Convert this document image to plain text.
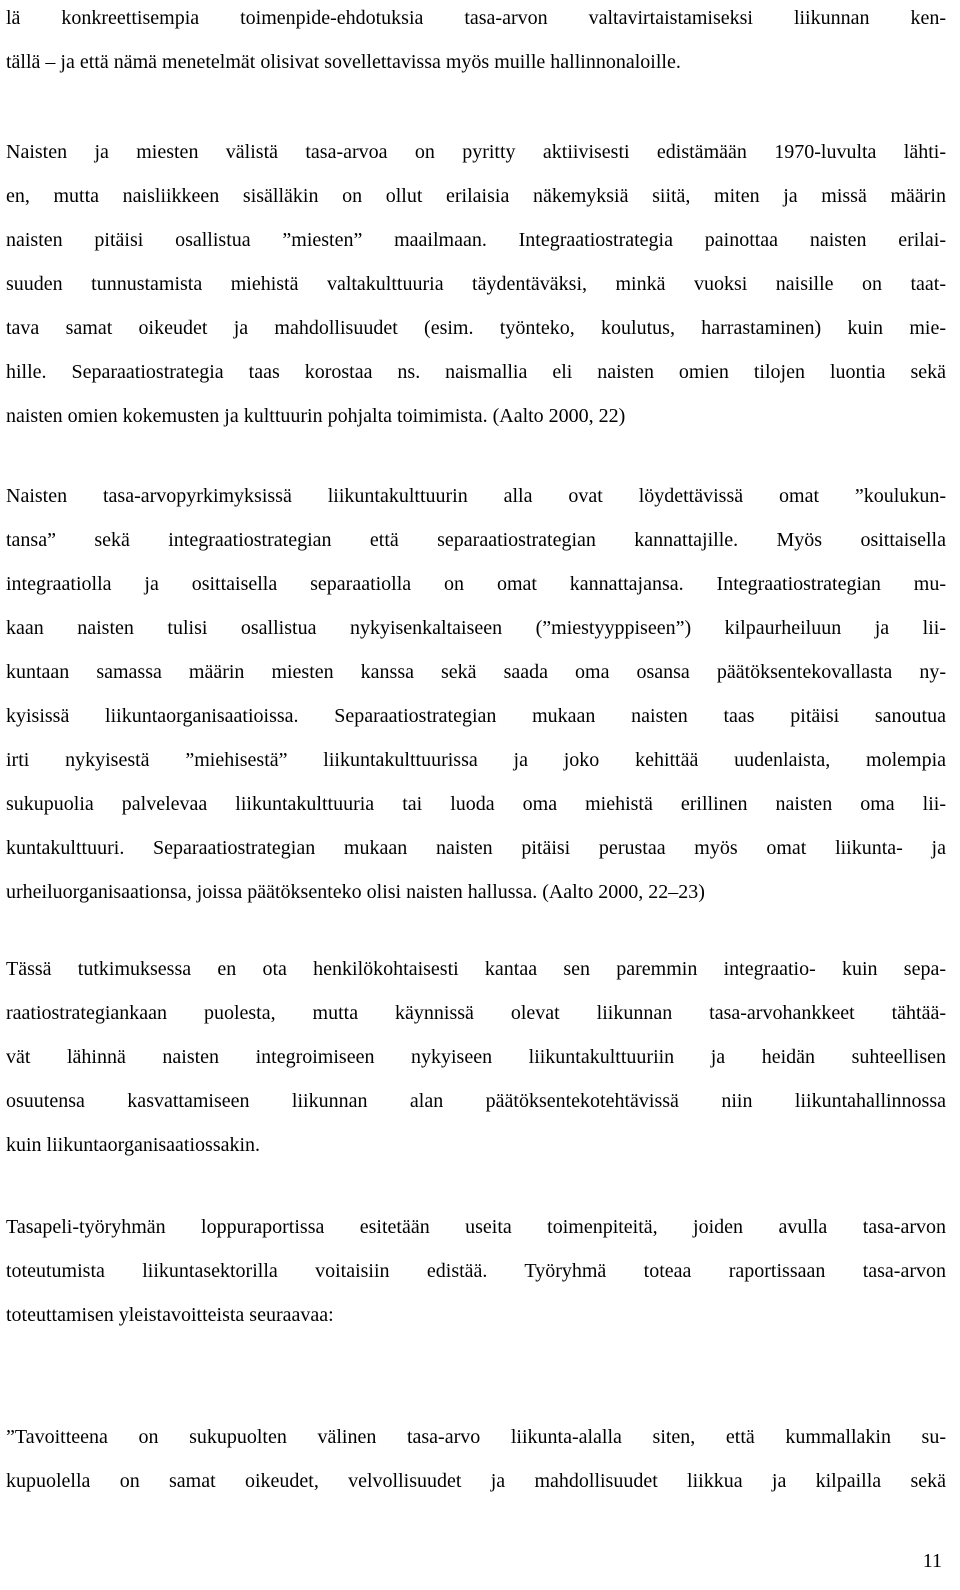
lä konkreettisempia toimenpide-ehdotuksia tasa-arvon valtavirtaistamiseksi liikunnan ken-
tällä – ja että nämä menetelmät olisivat sovellettavissa myös muille hallinnonaloille.
Naisten ja miesten välistä tasa-arvoa on pyritty aktiivisesti edistämään 1970-luvulta lähti-
en, mutta naisliikkeen sisälläkin on ollut erilaisia näkemyksiä siitä, miten ja missä määrin
naisten pitäisi osallistua ”miesten” maailmaan. Integraatiostrategia painottaa naisten erilai-
suuden tunnustamista miehistä valtakulttuuria täydentäväksi, minkä vuoksi naisille on taat-
tava samat oikeudet ja mahdollisuudet (esim. työnteko, koulutus, harrastaminen) kuin mie-
hille. Separaatiostrategia taas korostaa ns. naismallia eli naisten omien tilojen luontia sekä
naisten omien kokemusten ja kulttuurin pohjalta toimimista. (Aalto 2000, 22)
Naisten tasa-arvopyrkimyksissä liikuntakulttuurin alla ovat löydettävissä omat ”koulukun-
tansa” sekä integraatiostrategian että separaatiostrategian kannattajille. Myös osittaisella
integraatiolla ja osittaisella separaatiolla on omat kannattajansa. Integraatiostrategian mu-
kaan naisten tulisi osallistua nykyisenkaltaiseen (”miestyyppiseen”) kilpaurheiluun ja lii-
kuntaan samassa määrin miesten kanssa sekä saada oma osansa päätöksentekovallasta ny-
kyisissä liikuntaorganisaatioissa. Separaatiostrategian mukaan naisten taas pitäisi sanoutua
irti nykyisestä ”miehisestä” liikuntakulttuurissa ja joko kehittää uudenlaista, molempia
sukupuolia palvelevaa liikuntakulttuuria tai luoda oma miehistä erillinen naisten oma lii-
kuntakulttuuri. Separaatiostrategian mukaan naisten pitäisi perustaa myös omat liikunta- ja
urheiluorganisaationsa, joissa päätöksenteko olisi naisten hallussa. (Aalto 2000, 22–23)
Tässä tutkimuksessa en ota henkilökohtaisesti kantaa sen paremmin integraatio- kuin sepa-
raatiostrategiankaan puolesta, mutta käynnissä olevat liikunnan tasa-arvohankkeet tähtää-
vät lähinnä naisten integroimiseen nykyiseen liikuntakulttuuriin ja heidän suhteellisen
osuutensa kasvattamiseen liikunnan alan päätöksentekotehtävissä niin liikuntahallinnossa
kuin liikuntaorganisaatiossakin.
Tasapeli-työryhmän loppuraportissa esitetään useita toimenpiteitä, joiden avulla tasa-arvon
toteutumista liikuntasektorilla voitaisiin edistää. Työryhmä toteaa raportissaan tasa-arvon
toteuttamisen yleistavoitteista seuraavaa:
”Tavoitteena on sukupuolten välinen tasa-arvo liikunta-alalla siten, että kummallakin su-
kupuolella on samat oikeudet, velvollisuudet ja mahdollisuudet liikkua ja kilpailla sekä
11
